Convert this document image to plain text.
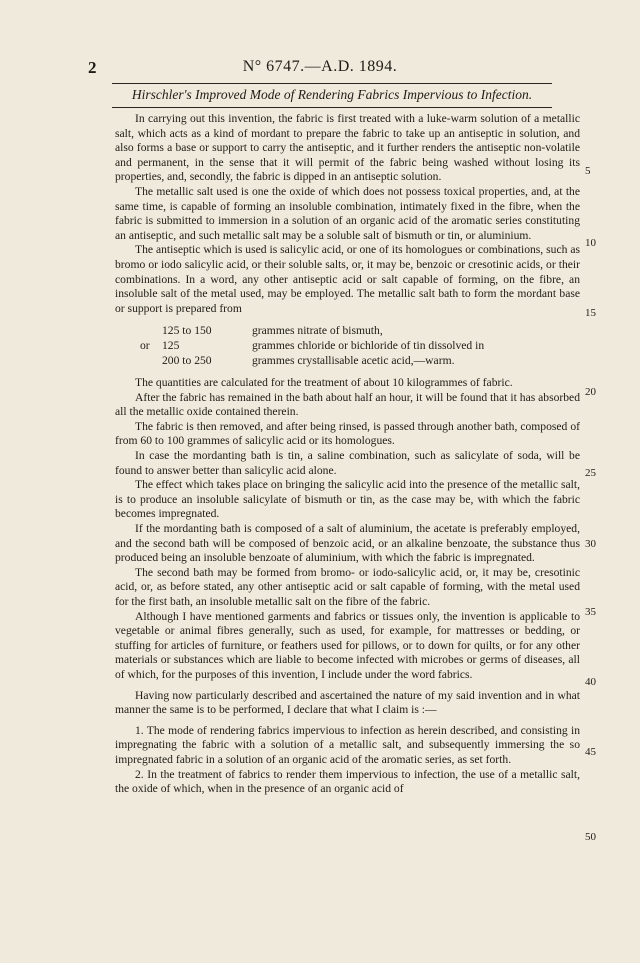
2	N° 6747.—A.D. 1894.
Hirschler's Improved Mode of Rendering Fabrics Impervious to Infection.

In carrying out this invention, the fabric is first treated with a luke-warm solution of a metallic salt, which acts as a kind of mordant to prepare the fabric to take up an antiseptic in solution, and also forms a base or support to carry the antiseptic, and it further renders the antiseptic non-volatile and permanent, in the sense that it will permit of the fabric being washed without losing its properties, and, secondly, the fabric is dipped in an antiseptic solution.

The metallic salt used is one the oxide of which does not possess toxical properties, and, at the same time, is capable of forming an insoluble combination, intimately fixed in the fibre, when the fabric is submitted to immersion in a solution of an organic acid of the aromatic series constituting an antiseptic, and such metallic salt may be a soluble salt of bismuth or tin, or aluminium.

The antiseptic which is used is salicylic acid, or one of its homologues or combinations, such as bromo or iodo salicylic acid, or their soluble salts, or, it may be, benzoic or cresotinic acids, or their combinations. In a word, any other antiseptic acid or salt capable of forming, on the fibre, an insoluble salt of the metal used, may be employed. The metallic salt bath to form the mordant base or support is prepared from

125 to 150	grammes nitrate of bismuth,
or	125	grammes chloride or bichloride of tin dissolved in
200 to 250	grammes crystallisable acetic acid,—warm.

The quantities are calculated for the treatment of about 10 kilogrammes of fabric.

After the fabric has remained in the bath about half an hour, it will be found that it has absorbed all the metallic oxide contained therein.

The fabric is then removed, and after being rinsed, is passed through another bath, composed of from 60 to 100 grammes of salicylic acid or its homologues.

In case the mordanting bath is tin, a saline combination, such as salicylate of soda, will be found to answer better than salicylic acid alone.

The effect which takes place on bringing the salicylic acid into the presence of the metallic salt, is to produce an insoluble salicylate of bismuth or tin, as the case may be, with which the fabric becomes impregnated.

If the mordanting bath is composed of a salt of aluminium, the acetate is preferably employed, and the second bath will be composed of benzoic acid, or an alkaline benzoate, the substance thus produced being an insoluble benzoate of aluminium, with which the fabric is impregnated.

The second bath may be formed from bromo- or iodo-salicylic acid, or, it may be, cresotinic acid, or, as before stated, any other antiseptic acid or salt capable of forming, with the metal used for the first bath, an insoluble metallic salt on the fibre of the fabric.

Although I have mentioned garments and fabrics or tissues only, the invention is applicable to vegetable or animal fibres generally, such as used, for example, for mattresses or bedding, or stuffing for articles of furniture, or feathers used for pillows, or to down for quilts, or for any other materials or substances which are liable to become infected with microbes or germs of diseases, all of which, for the purposes of this invention, I include under the word fabrics.

Having now particularly described and ascertained the nature of my said invention and in what manner the same is to be performed, I declare that what I claim is :—

1. The mode of rendering fabrics impervious to infection as herein described, and consisting in impregnating the fabric with a solution of a metallic salt, and subsequently immersing the so impregnated fabric in a solution of an organic acid of the aromatic series, as set forth.

2. In the treatment of fabrics to render them impervious to infection, the use of a metallic salt, the oxide of which, when in the presence of an organic acid of

5
10
15
20
25
30
35
40
45
50
